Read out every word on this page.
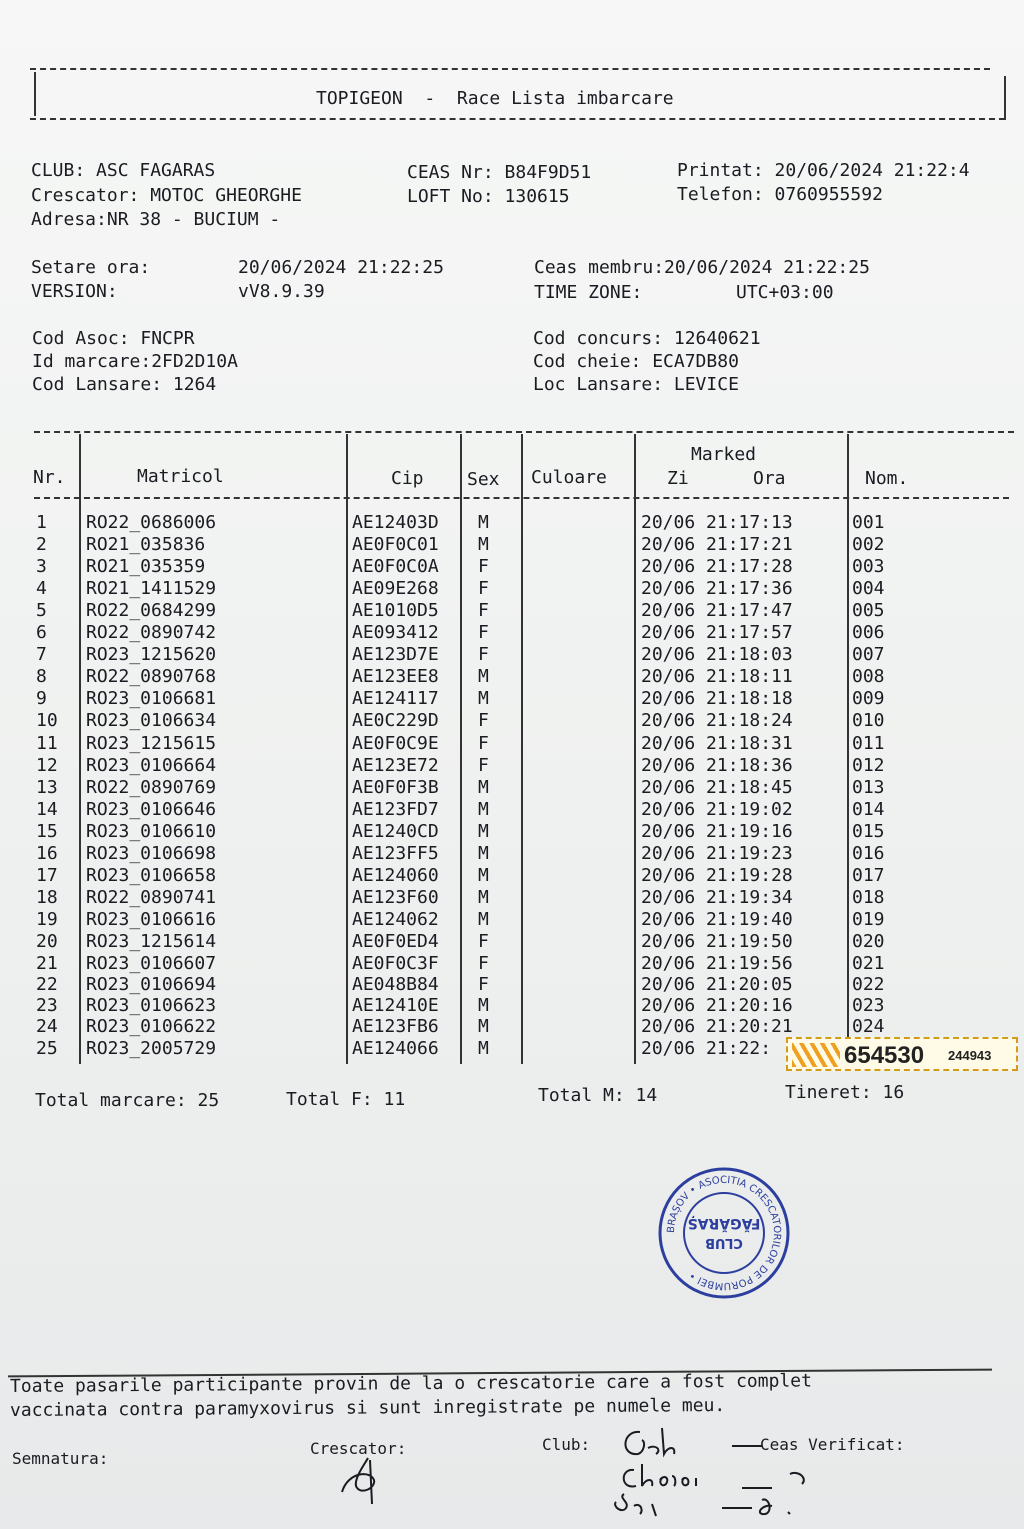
TOPIGEON  -  Race Lista imbarcare
CLUB: ASC FAGARAS
Crescator: MOTOC GHEORGHE
Adresa:NR 38 - BUCIUM -
CEAS Nr: B84F9D51
LOFT No: 130615
Printat: 20/06/2024 21:22:4
Telefon: 0760955592
Setare ora:	20/06/2024 21:22:25
VERSION:	vV8.9.39
Ceas membru:20/06/2024 21:22:25
TIME ZONE:	UTC+03:00
Cod Asoc: FNCPR
Id marcare:2FD2D10A
Cod Lansare: 1264
Cod concurs: 12640621
Cod cheie: ECA7DB80
Loc Lansare: LEVICE
Nr.	Matricol	Cip Sex Culoare
Marked
Zi	Ora	Nom.
1 RO22_0686006	AE12403D M	20/06 21:17:13	001
2 RO21_035836	AE0F0C01 M	20/06 21:17:21	002
3 RO21_035359	AE0F0C0A F	20/06 21:17:28	003
4 RO21_1411529	AE09E268 F	20/06 21:17:36	004
5 RO22_0684299	AE1010D5 F	20/06 21:17:47	005
6 RO22_0890742	AE093412 F	20/06 21:17:57	006
7 RO23_1215620	AE123D7E F	20/06 21:18:03	007
8 RO22_0890768	AE123EE8 M	20/06 21:18:11	008
9 RO23_0106681	AE124117 M	20/06 21:18:18	009
10 RO23_0106634	AE0C229D F	20/06 21:18:24	010
11 RO23_1215615	AE0F0C9E F	20/06 21:18:31	011
12 RO23_0106664	AE123E72 F	20/06 21:18:36	012
13 RO22_0890769	AE0F0F3B M	20/06 21:18:45	013
14 RO23_0106646	AE123FD7 M	20/06 21:19:02	014
15 RO23_0106610	AE1240CD M	20/06 21:19:16	015
16 RO23_0106698	AE123FF5 M	20/06 21:19:23	016
17 RO23_0106658	AE124060 M	20/06 21:19:28	017
18 RO22_0890741	AE123F60 M	20/06 21:19:34	018
19 RO23_0106616	AE124062 M	20/06 21:19:40	019
20 RO23_1215614	AE0F0ED4 F	20/06 21:19:50	020
21 RO23_0106607	AE0F0C3F F	20/06 21:19:56	021
22 RO23_0106694	AE048B84 F	20/06 21:20:05	022
23 RO23_0106623	AE12410E M	20/06 21:20:16	023
24 RO23_0106622	AE123FB6 M	20/06 21:20:21	024
25 RO23_2005729	AE124066 M	20/06 21:22:
Total marcare: 25	Total F: 11	Total M: 14	Tineret: 16
654530 244943
BRAȘOV • ASOCITIA CRESCATORILOR DE PORUMBEI •
CLUB
FĂGĂRAȘ
Toate pasarile participante provin de la o crescatorie care a fost complet
vaccinata contra paramyxovirus si sunt inregistrate pe numele meu.
Semnatura:
Crescator:	Club:	Ceas Verificat:
